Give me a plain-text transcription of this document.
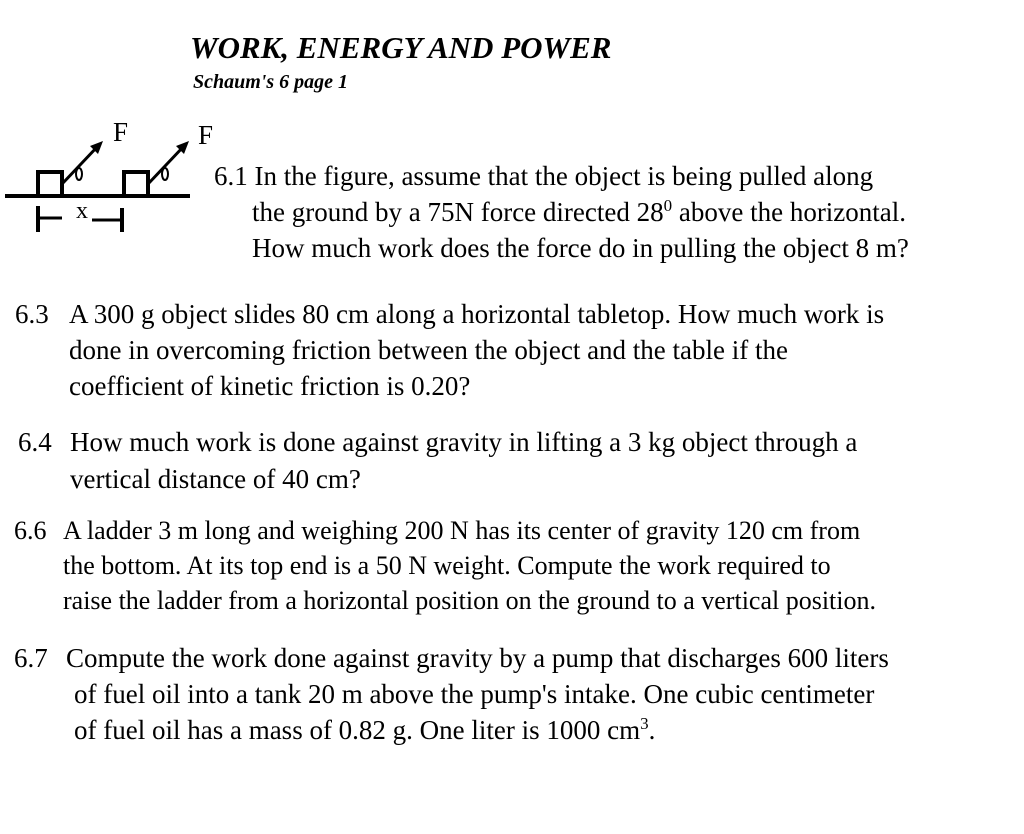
WORK, ENERGY AND POWER
Schaum's 6 page 1
F	F
x
6.1 In the figure, assume that the object is being pulled along
the ground by a 75N force directed $28^0$ above the horizontal.
How much work does the force do in pulling the object 8 m?
6.3 A 300 g object slides 80 cm along a horizontal tabletop. How much work is
done in overcoming friction between the object and the table if the
coefficient of kinetic friction is 0.20?
6.4 How much work is done against gravity in lifting a 3 kg object through a
vertical distance of 40 cm?
6.6 A ladder 3 m long and weighing 200 N has its center of gravity 120 cm from
the bottom. At its top end is a 50 N weight. Compute the work required to
raise the ladder from a horizontal position on the ground to a vertical position.
6.7 Compute the work done against gravity by a pump that discharges 600 liters
of fuel oil into a tank 20 m above the pump's intake. One cubic centimeter
of fuel oil has a mass of 0.82 g. One liter is 1000 $cm^3$.
